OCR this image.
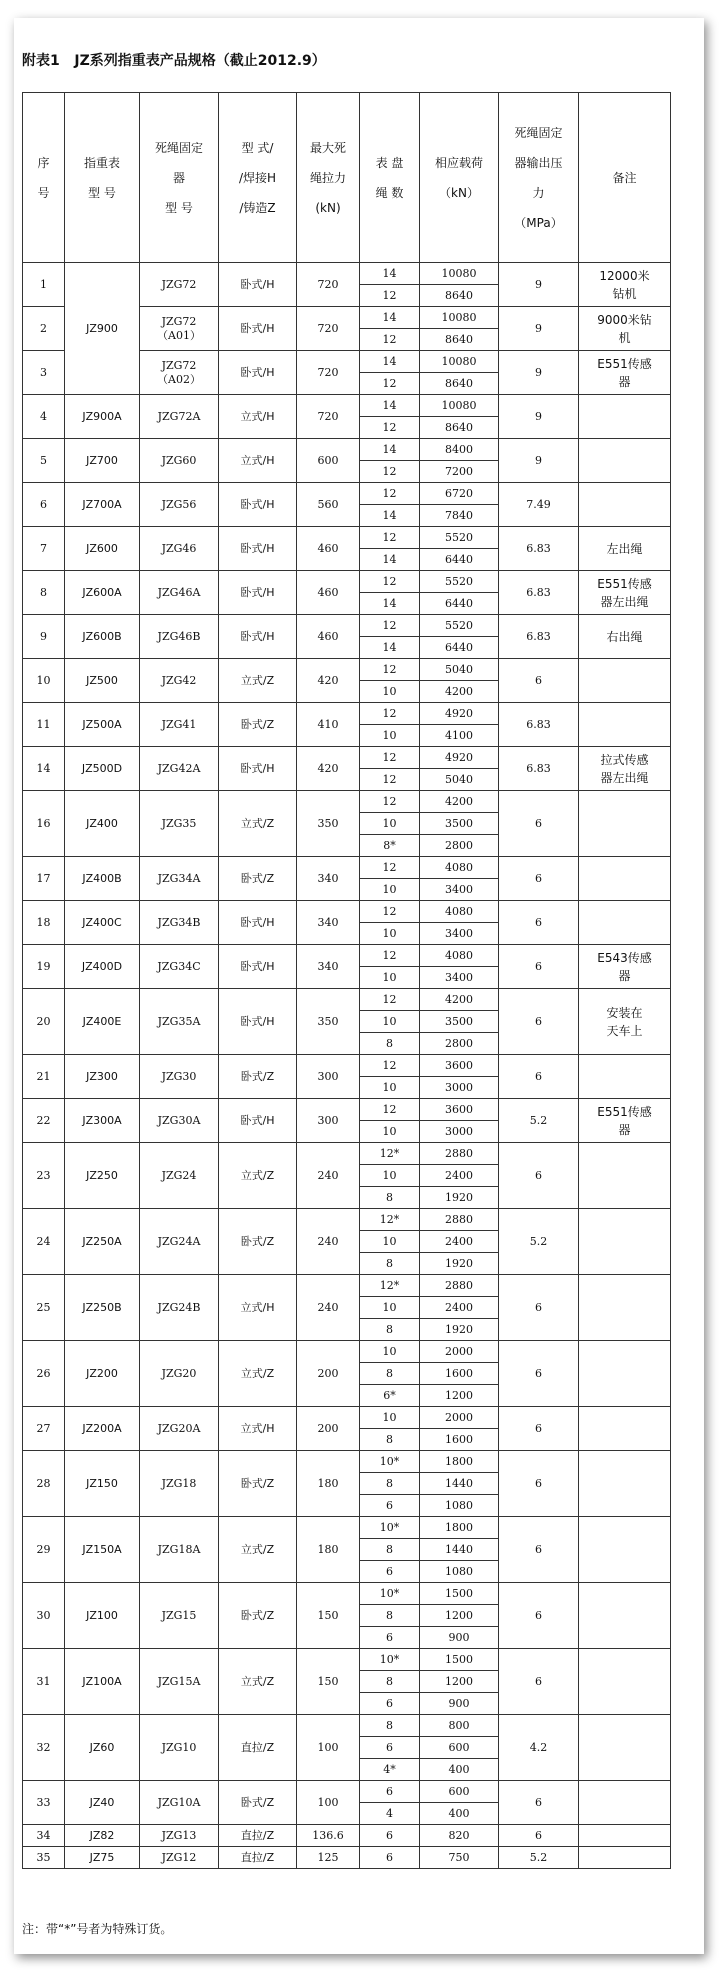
附表1   JZ系列指重表产品规格（截止2012.9）
序
号	指重表
型 号	死绳固定
器
型 号	型 式/
/焊接H
/铸造Z	最大死
绳拉力
(kN)	表 盘
绳 数	相应载荷
（kN）	死绳固定
器输出压
力
（MPa）	备注
1	JZ900	JZG72	卧式/H	720	14	10080	9	12000米
钻机
					12	8640		
2		JZG72
（A01）	卧式/H	720	14	10080	9	9000米钻
机
					12	8640		
3		JZG72
（A02）	卧式/H	720	14	10080	9	E551传感
器
					12	8640		
4	JZ900A	JZG72A	立式/H	720	14	10080	9	
					12	8640		
5	JZ700	JZG60	立式/H	600	14	8400	9	
					12	7200		
6	JZ700A	JZG56	卧式/H	560	12	6720	7.49	
					14	7840		
7	JZ600	JZG46	卧式/H	460	12	5520	6.83	左出绳
					14	6440		
8	JZ600A	JZG46A	卧式/H	460	12	5520	6.83	E551传感
器左出绳
					14	6440		
9	JZ600B	JZG46B	卧式/H	460	12	5520	6.83	右出绳
					14	6440		
10	JZ500	JZG42	立式/Z	420	12	5040	6	
					10	4200		
11	JZ500A	JZG41	卧式/Z	410	12	4920	6.83	
					10	4100		
14	JZ500D	JZG42A	卧式/H	420	12	4920	6.83	拉式传感
器左出绳
					12	5040		
16	JZ400	JZG35	立式/Z	350	12	4200	6	
					10	3500		
					8*	2800		
17	JZ400B	JZG34A	卧式/Z	340	12	4080	6	
					10	3400		
18	JZ400C	JZG34B	卧式/H	340	12	4080	6	
					10	3400		
19	JZ400D	JZG34C	卧式/H	340	12	4080	6	E543传感
器
					10	3400		
20	JZ400E	JZG35A	卧式/H	350	12	4200	6	安装在
天车上
					10	3500		
					8	2800		
21	JZ300	JZG30	卧式/Z	300	12	3600	6	
					10	3000		
22	JZ300A	JZG30A	卧式/H	300	12	3600	5.2	E551传感
器
					10	3000		
23	JZ250	JZG24	立式/Z	240	12*	2880	6	
					10	2400		
					8	1920		
24	JZ250A	JZG24A	卧式/Z	240	12*	2880	5.2	
					10	2400		
					8	1920		
25	JZ250B	JZG24B	立式/H	240	12*	2880	6	
					10	2400		
					8	1920		
26	JZ200	JZG20	立式/Z	200	10	2000	6	
					8	1600		
					6*	1200		
27	JZ200A	JZG20A	立式/H	200	10	2000	6	
					8	1600		
28	JZ150	JZG18	卧式/Z	180	10*	1800	6	
					8	1440		
					6	1080		
29	JZ150A	JZG18A	立式/Z	180	10*	1800	6	
					8	1440		
					6	1080		
30	JZ100	JZG15	卧式/Z	150	10*	1500	6	
					8	1200		
					6	900		
31	JZ100A	JZG15A	立式/Z	150	10*	1500	6	
					8	1200		
					6	900		
32	JZ60	JZG10	直拉/Z	100	8	800	4.2	
					6	600		
					4*	400		
33	JZ40	JZG10A	卧式/Z	100	6	600	6	
					4	400		
34	JZ82	JZG13	直拉/Z	136.6	6	820	6	
35	JZ75	JZG12	直拉/Z	125	6	750	5.2	
注：带“*”号者为特殊订货。
